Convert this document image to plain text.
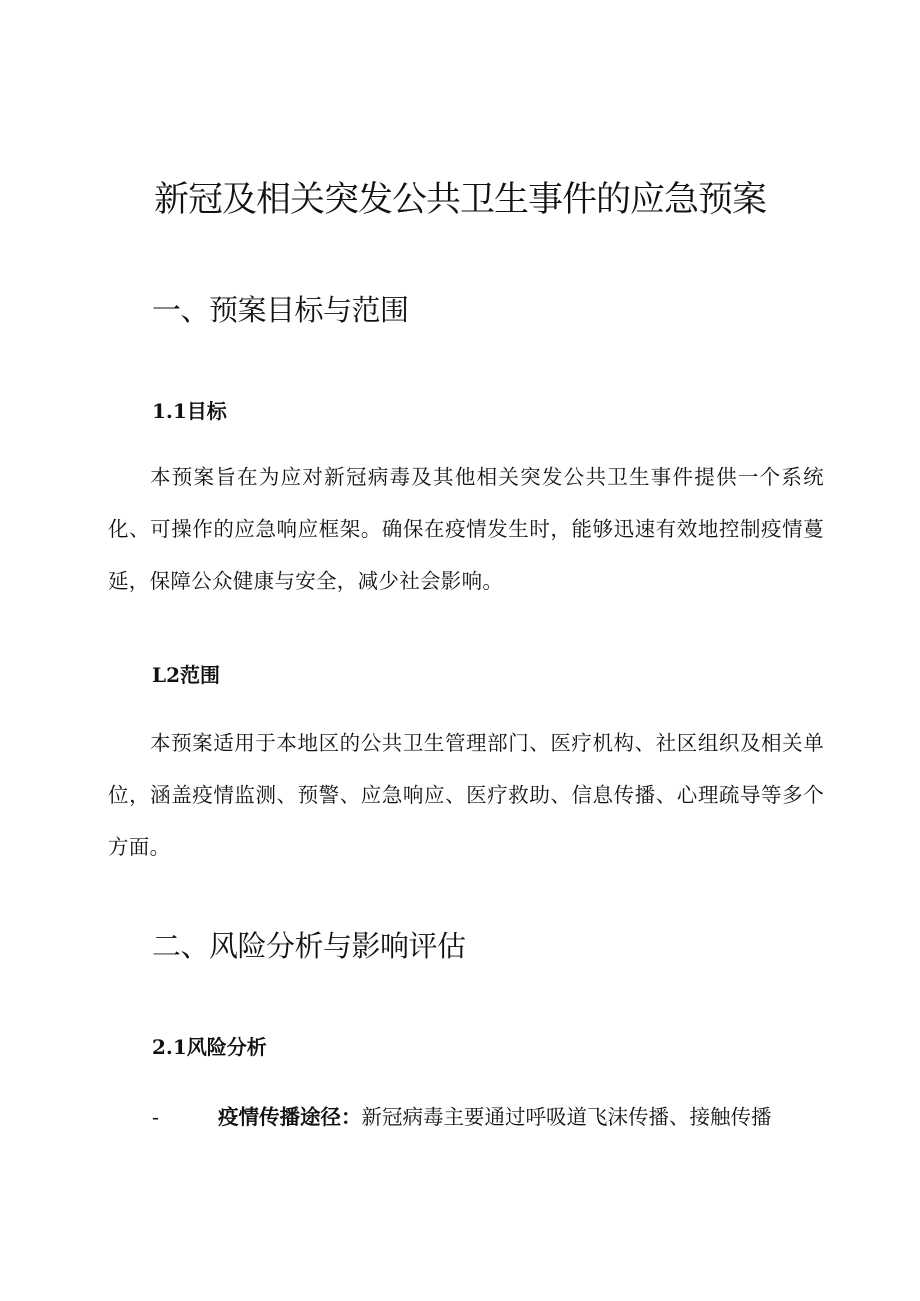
新冠及相关突发公共卫生事件的应急预案
一、预案目标与范围
1.1目标

本预案旨在为应对新冠病毒及其他相关突发公共卫生事件提供一个系统化、可操作的应急响应框架。确保在疫情发生时，能够迅速有效地控制疫情蔓延，保障公众健康与安全，减少社会影响。

L2范围

本预案适用于本地区的公共卫生管理部门、医疗机构、社区组织及相关单位，涵盖疫情监测、预警、应急响应、医疗救助、信息传播、心理疏导等多个方面。

二、风险分析与影响评估
2.1风险分析
-	疫情传播途径：新冠病毒主要通过呼吸道飞沫传播、接触传播
